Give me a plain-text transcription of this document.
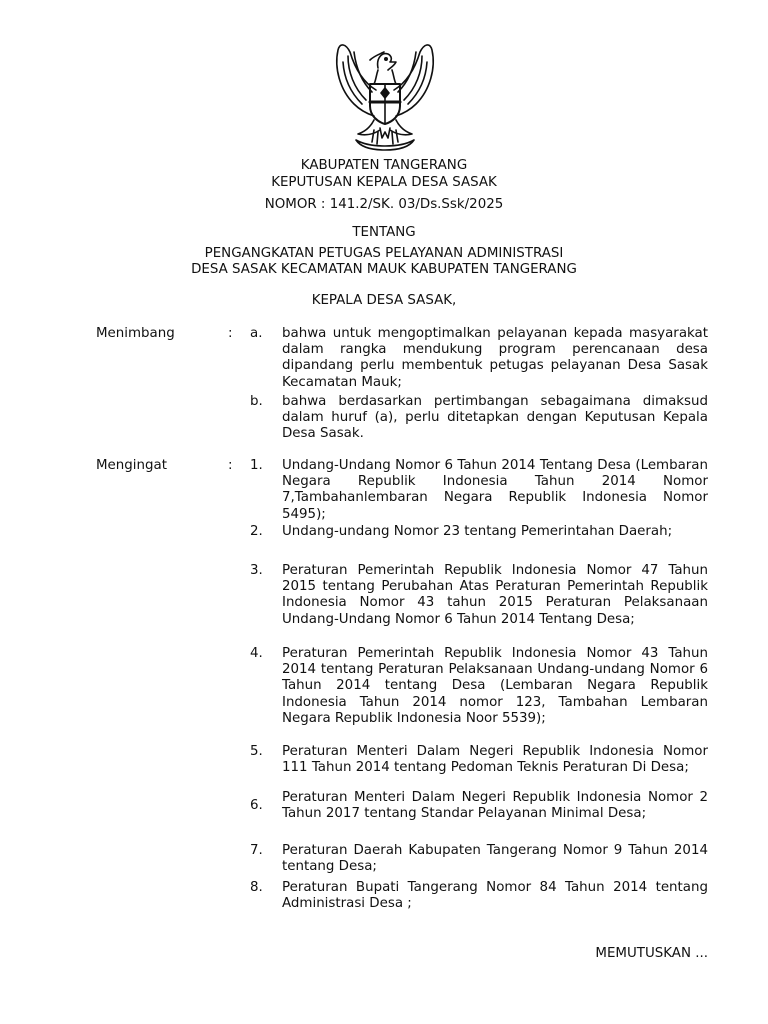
KABUPATEN TANGERANG
KEPUTUSAN KEPALA DESA SASAK
NOMOR : 141.2/SK. 03/Ds.Ssk/2025
TENTANG
PENGANGKATAN PETUGAS PELAYANAN ADMINISTRASI
DESA SASAK KECAMATAN MAUK KABUPATEN TANGERANG
KEPALA DESA SASAK,
Menimbang	: a. bahwa untuk mengoptimalkan pelayanan kepada masyarakat dalam rangka mendukung program perencanaan desa dipandang perlu membentuk petugas pelayanan Desa Sasak Kecamatan Mauk;
b. bahwa berdasarkan pertimbangan sebagaimana dimaksud dalam huruf (a), perlu ditetapkan dengan Keputusan Kepala Desa Sasak.
Mengingat	: 1. Undang-Undang Nomor 6 Tahun 2014 Tentang Desa (Lembaran Negara Republik Indonesia Tahun 2014 Nomor 7,Tambahanlembaran Negara Republik Indonesia Nomor 5495);
2. Undang-undang Nomor 23 tentang Pemerintahan Daerah;
3. Peraturan Pemerintah Republik Indonesia Nomor 47 Tahun 2015 tentang Perubahan Atas Peraturan Pemerintah Republik Indonesia Nomor 43 tahun 2015 Peraturan Pelaksanaan Undang-Undang Nomor 6 Tahun 2014 Tentang Desa;
4. Peraturan Pemerintah Republik Indonesia Nomor 43 Tahun 2014 tentang Peraturan Pelaksanaan Undang-undang Nomor 6 Tahun 2014 tentang Desa (Lembaran Negara Republik Indonesia Tahun 2014 nomor 123, Tambahan Lembaran Negara Republik Indonesia Noor 5539);
5. Peraturan Menteri Dalam Negeri Republik Indonesia Nomor 111 Tahun 2014 tentang Pedoman Teknis Peraturan Di Desa;
6.
Peraturan Menteri Dalam Negeri Republik Indonesia Nomor 2 Tahun 2017 tentang Standar Pelayanan Minimal Desa;
7. Peraturan Daerah Kabupaten Tangerang Nomor 9 Tahun 2014 tentang Desa;
8. Peraturan Bupati Tangerang Nomor 84 Tahun 2014 tentang Administrasi Desa ;
MEMUTUSKAN ...
